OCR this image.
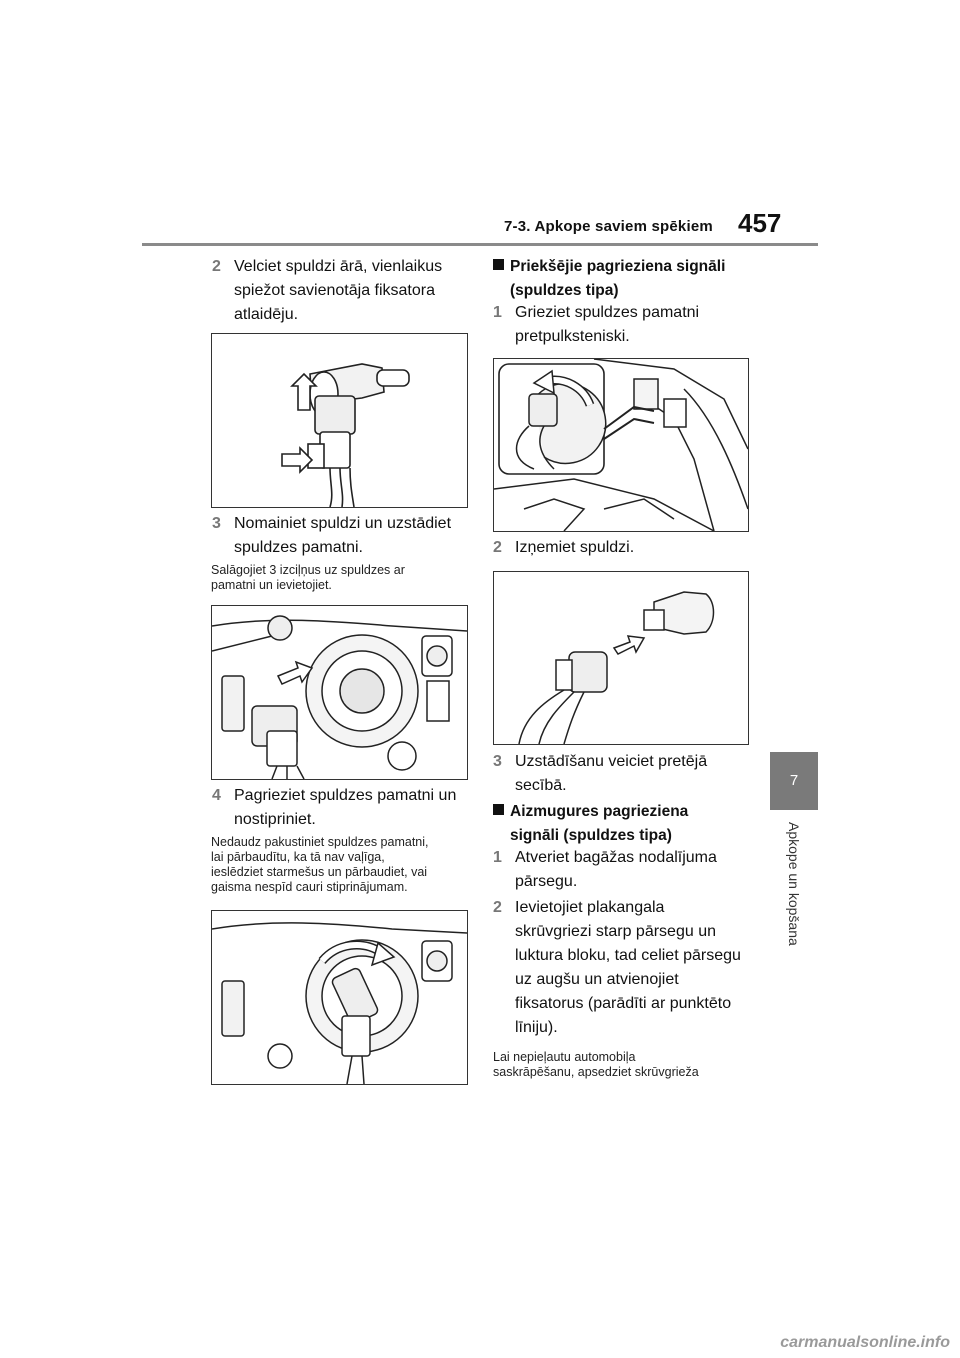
7-3. Apkope saviem spēkiem 457
7
Apkope un kopšana
2 Velciet spuldzi ārā, vienlaikus
spiežot savienotāja fiksatora
atlaidēju.
3 Nomainiet spuldzi un uzstādiet
spuldzes pamatni.
Salāgojiet 3 izciļņus uz spuldzes ar
pamatni un ievietojiet.
4 Pagrieziet spuldzes pamatni un
nostipriniet.
Nedaudz pakustiniet spuldzes pamatni,
lai pārbaudītu, ka tā nav vaļīga,
ieslēdziet starmešus un pārbaudiet, vai
gaisma nespīd cauri stiprinājumam.
Priekšējie pagrieziena signāli
(spuldzes tipa)
1 Grieziet spuldzes pamatni
pretpulksteniski.
2 Izņemiet spuldzi.
3 Uzstādīšanu veiciet pretējā
secībā.
Aizmugures pagrieziena
signāli (spuldzes tipa)
1 Atveriet bagāžas nodalījuma
pārsegu.
2 Ievietojiet plakangala
skrūvgriezi starp pārsegu un
luktura bloku, tad celiet pārsegu
uz augšu un atvienojiet
fiksatorus (parādīti ar punktēto
līniju).
Lai nepieļautu automobiļa
saskrāpēšanu, apsedziet skrūvgrieža
carmanualsonline.info
